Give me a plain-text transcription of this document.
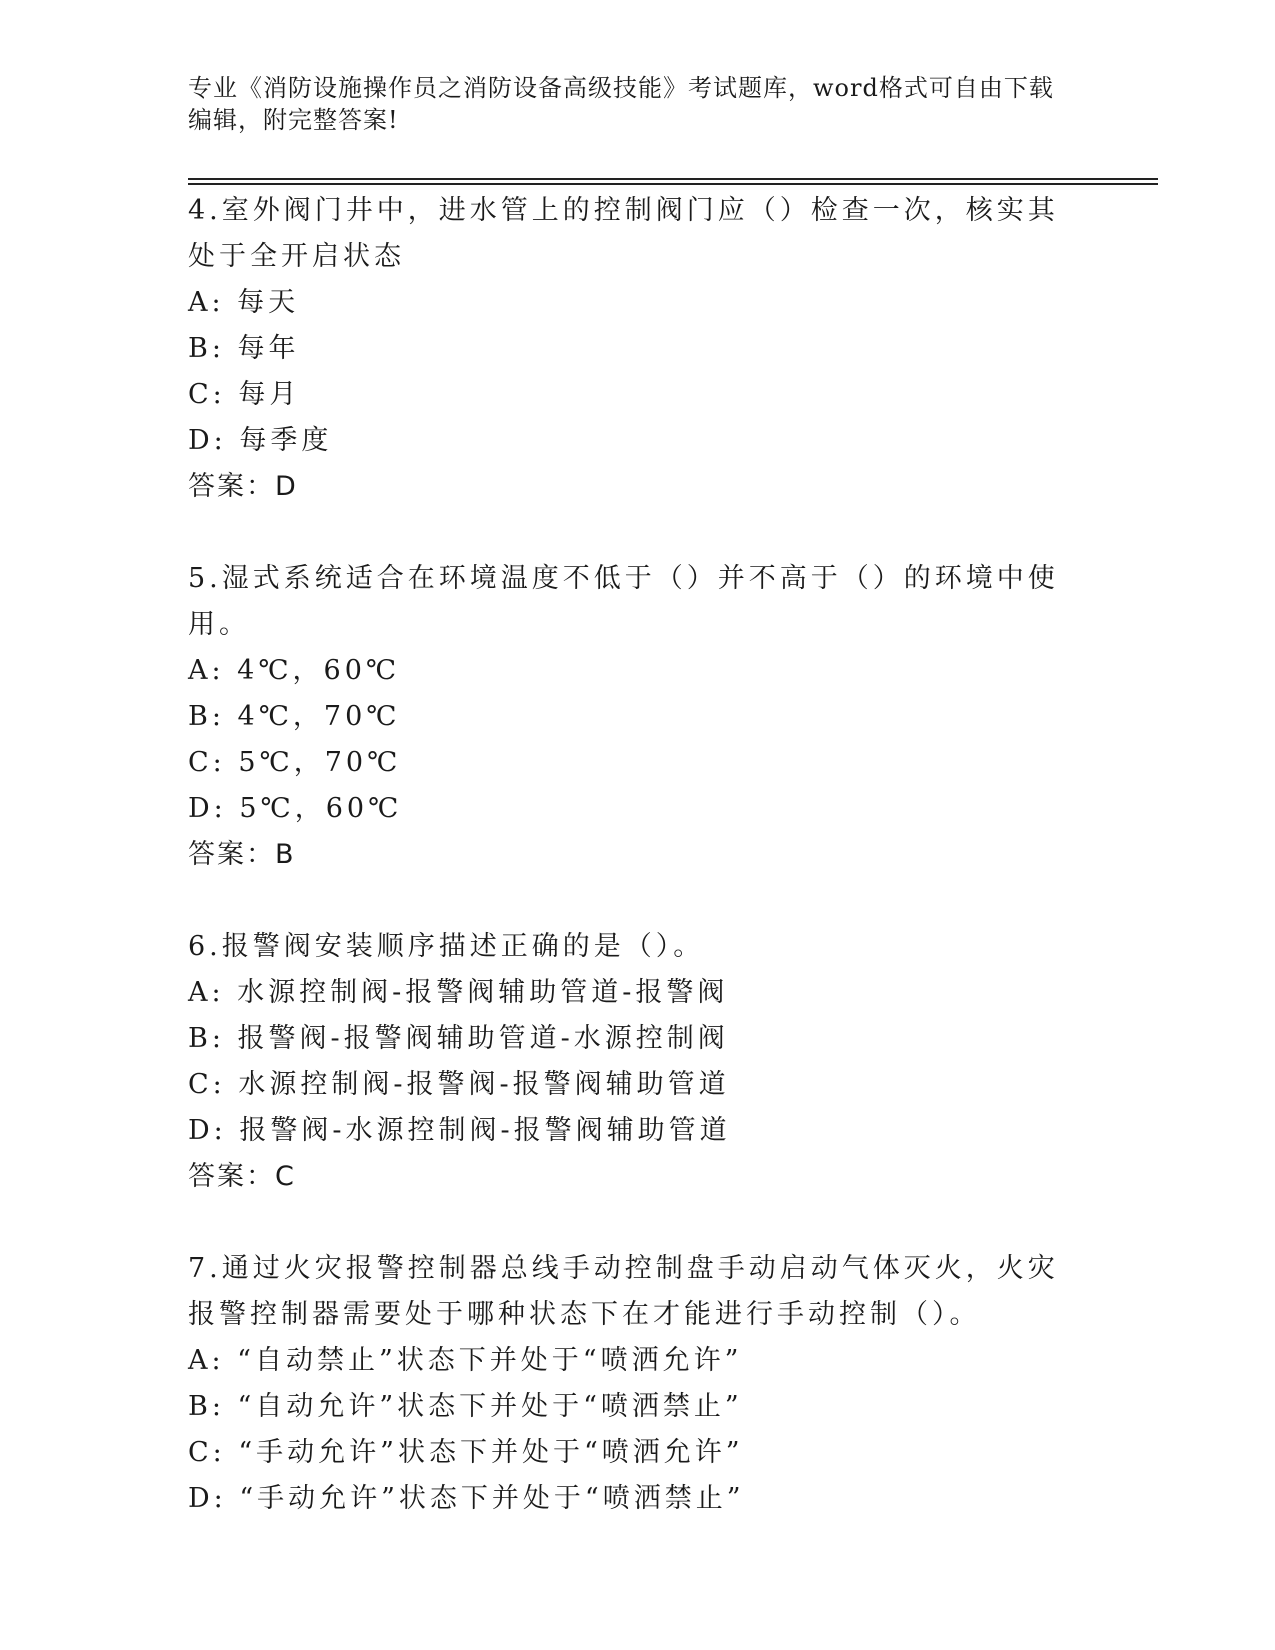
专业《消防设施操作员之消防设备高级技能》考试题库，word格式可自由下载编辑，附完整答案!
4.室外阀门井中，进水管上的控制阀门应（）检查一次，核实其处于全开启状态
A: 每天
B: 每年
C: 每月
D: 每季度
答案：D
5.湿式系统适合在环境温度不低于（）并不高于（）的环境中使用。
A: 4℃，60℃
B: 4℃，70℃
C: 5℃，70℃
D: 5℃，60℃
答案：B
6.报警阀安装顺序描述正确的是（）。
A: 水源控制阀-报警阀辅助管道-报警阀
B: 报警阀-报警阀辅助管道-水源控制阀
C: 水源控制阀-报警阀-报警阀辅助管道
D: 报警阀-水源控制阀-报警阀辅助管道
答案：C
7.通过火灾报警控制器总线手动控制盘手动启动气体灭火，火灾报警控制器需要处于哪种状态下在才能进行手动控制（）。
A: “自动禁止”状态下并处于“喷洒允许”
B: “自动允许”状态下并处于“喷洒禁止”
C: “手动允许”状态下并处于“喷洒允许”
D: “手动允许”状态下并处于“喷洒禁止”
